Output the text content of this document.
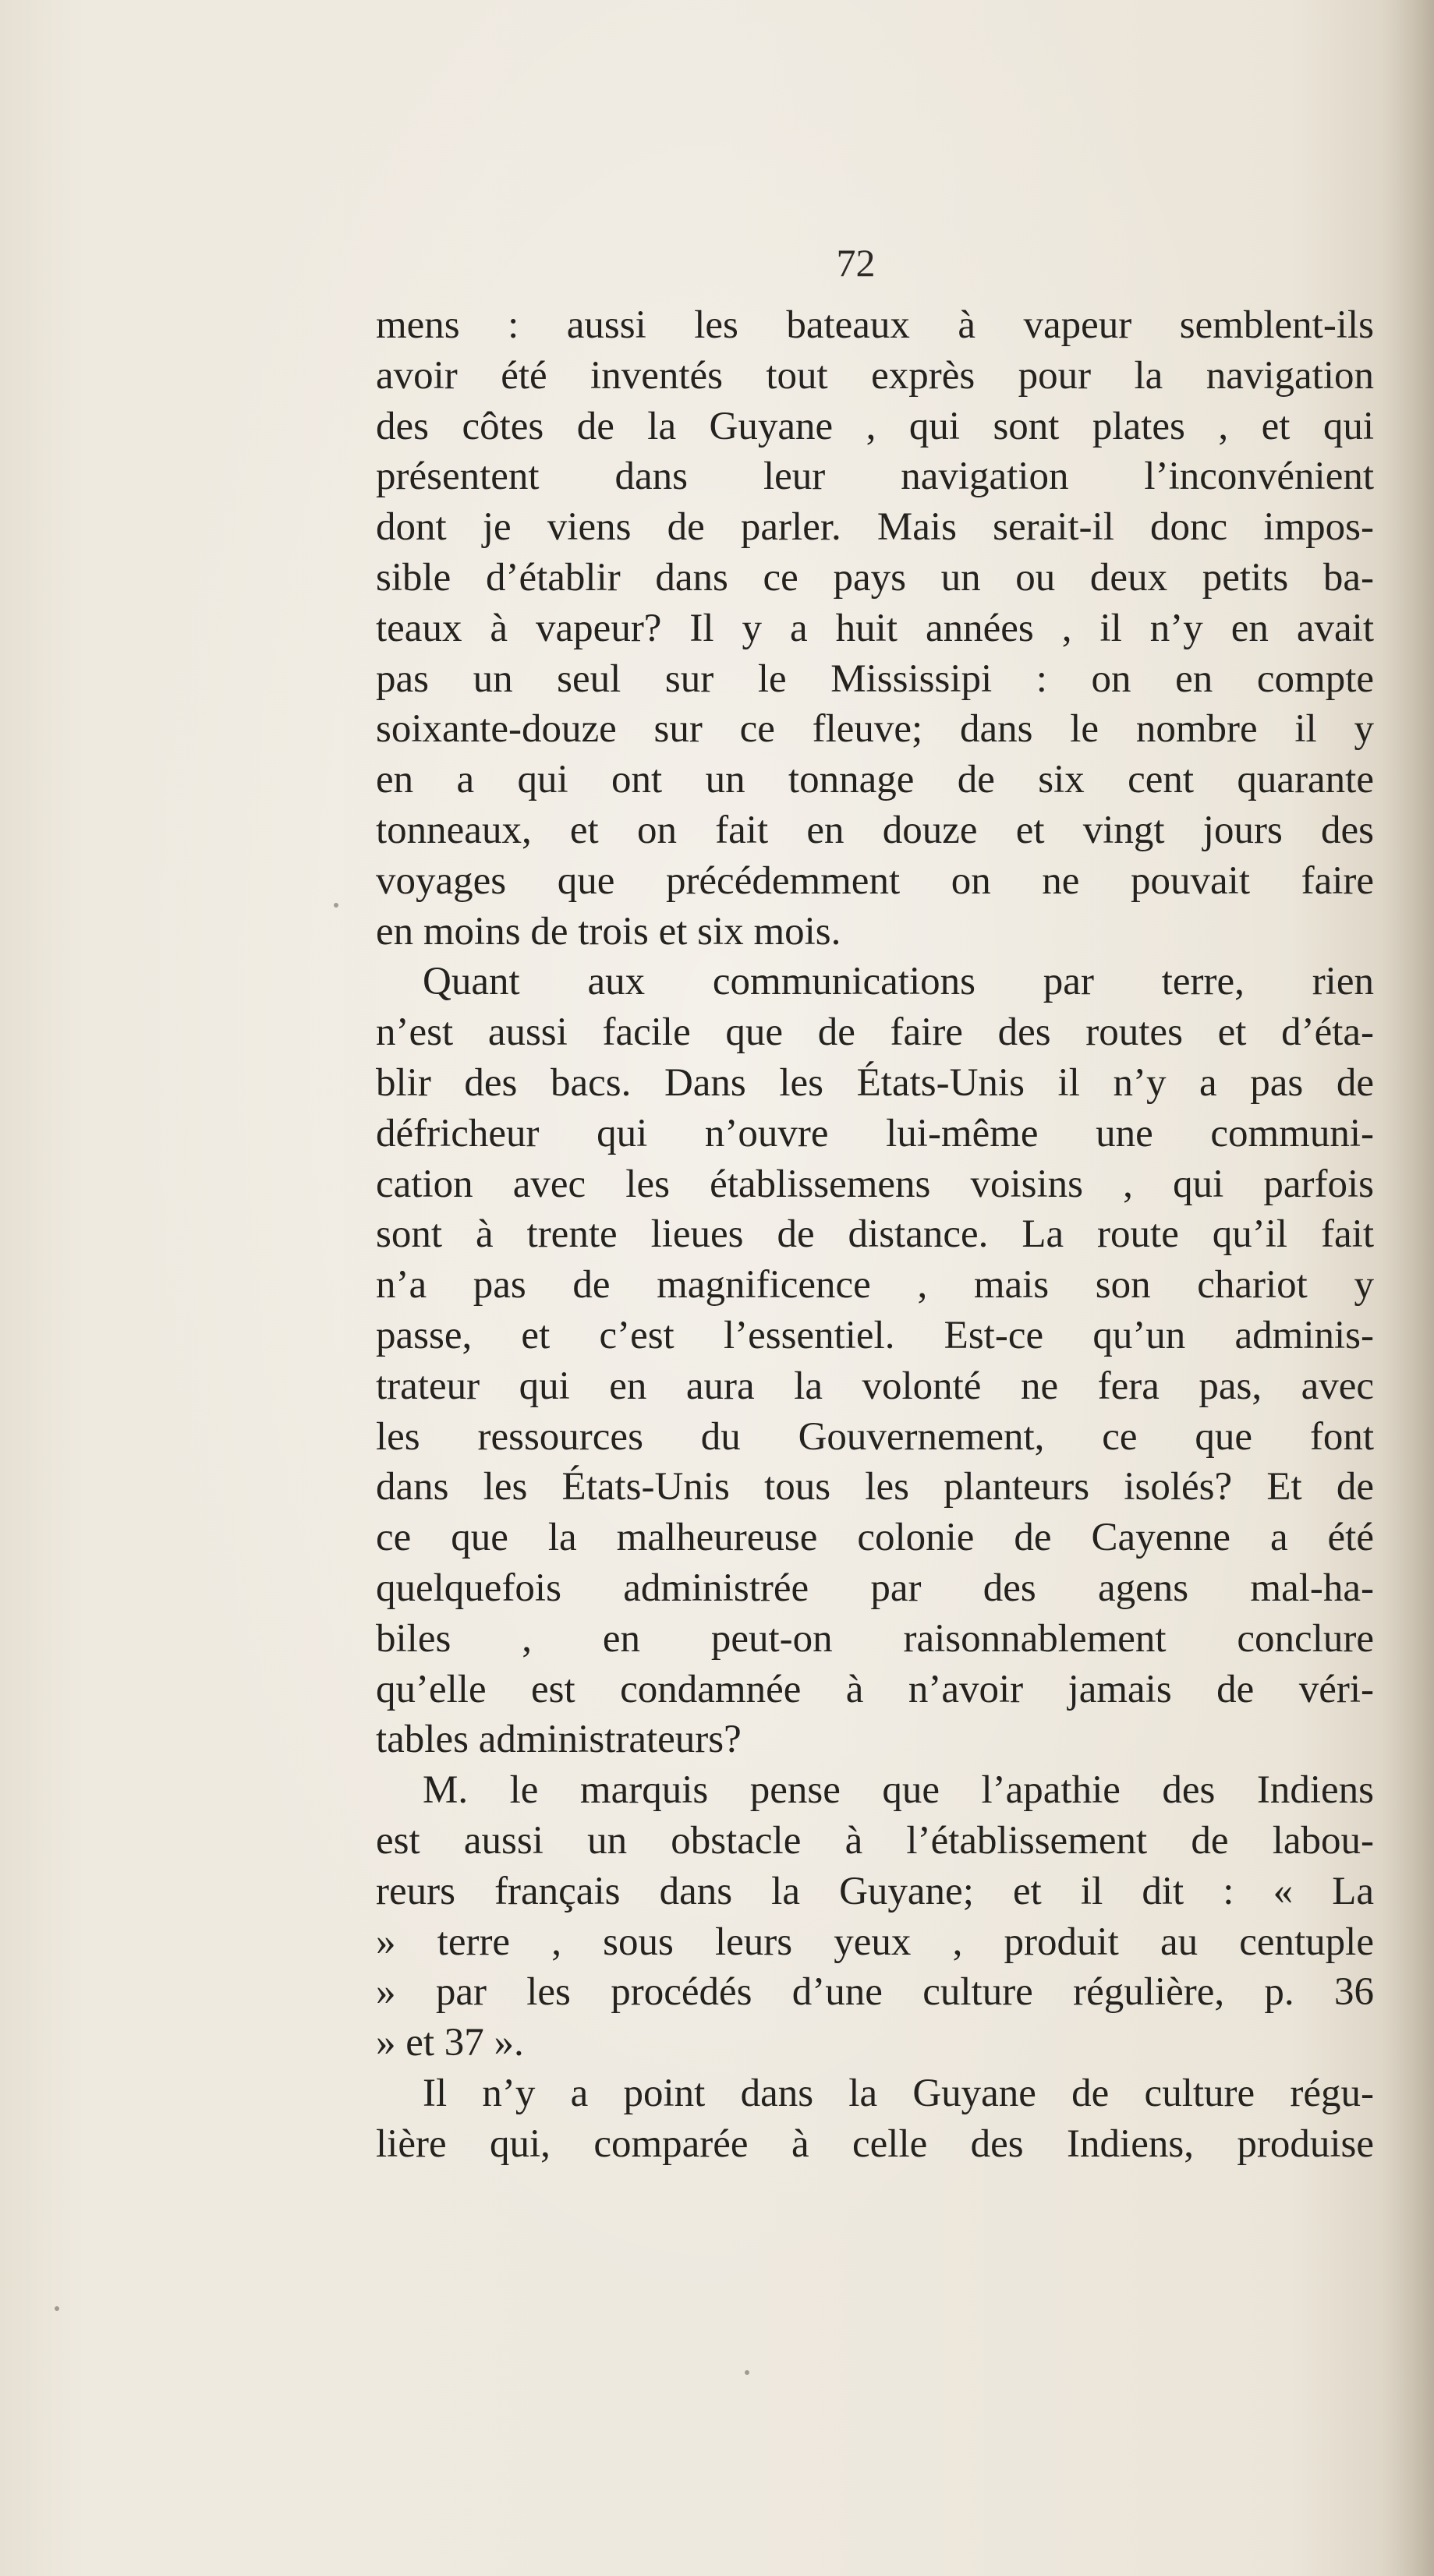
72

mens : aussi les bateaux à vapeur semblent-ils
avoir été inventés tout exprès pour la navigation
des côtes de la Guyane , qui sont plates , et qui
présentent dans leur navigation l’inconvénient
dont je viens de parler. Mais serait-il donc impos-
sible d’établir dans ce pays un ou deux petits ba-
teaux à vapeur? Il y a huit années , il n’y en avait
pas un seul sur le Mississipi : on en compte
soixante-douze sur ce fleuve; dans le nombre il y
en a qui ont un tonnage de six cent quarante
tonneaux, et on fait en douze et vingt jours des
voyages que précédemment on ne pouvait faire
en moins de trois et six mois.
Quant aux communications par terre, rien
n’est aussi facile que de faire des routes et d’éta-
blir des bacs. Dans les États-Unis il n’y a pas de
défricheur qui n’ouvre lui-même une communi-
cation avec les établissemens voisins , qui parfois
sont à trente lieues de distance. La route qu’il fait
n’a pas de magnificence , mais son chariot y
passe, et c’est l’essentiel. Est-ce qu’un adminis-
trateur qui en aura la volonté ne fera pas, avec
les ressources du Gouvernement, ce que font
dans les États-Unis tous les planteurs isolés? Et de
ce que la malheureuse colonie de Cayenne a été
quelquefois administrée par des agens mal-ha-
biles , en peut-on raisonnablement conclure
qu’elle est condamnée à n’avoir jamais de véri-
tables administrateurs?
M. le marquis pense que l’apathie des Indiens
est aussi un obstacle à l’établissement de labou-
reurs français dans la Guyane; et il dit : « La
» terre , sous leurs yeux , produit au centuple
» par les procédés d’une culture régulière, p. 36
» et 37 ».
Il n’y a point dans la Guyane de culture régu-
lière qui, comparée à celle des Indiens, produise
